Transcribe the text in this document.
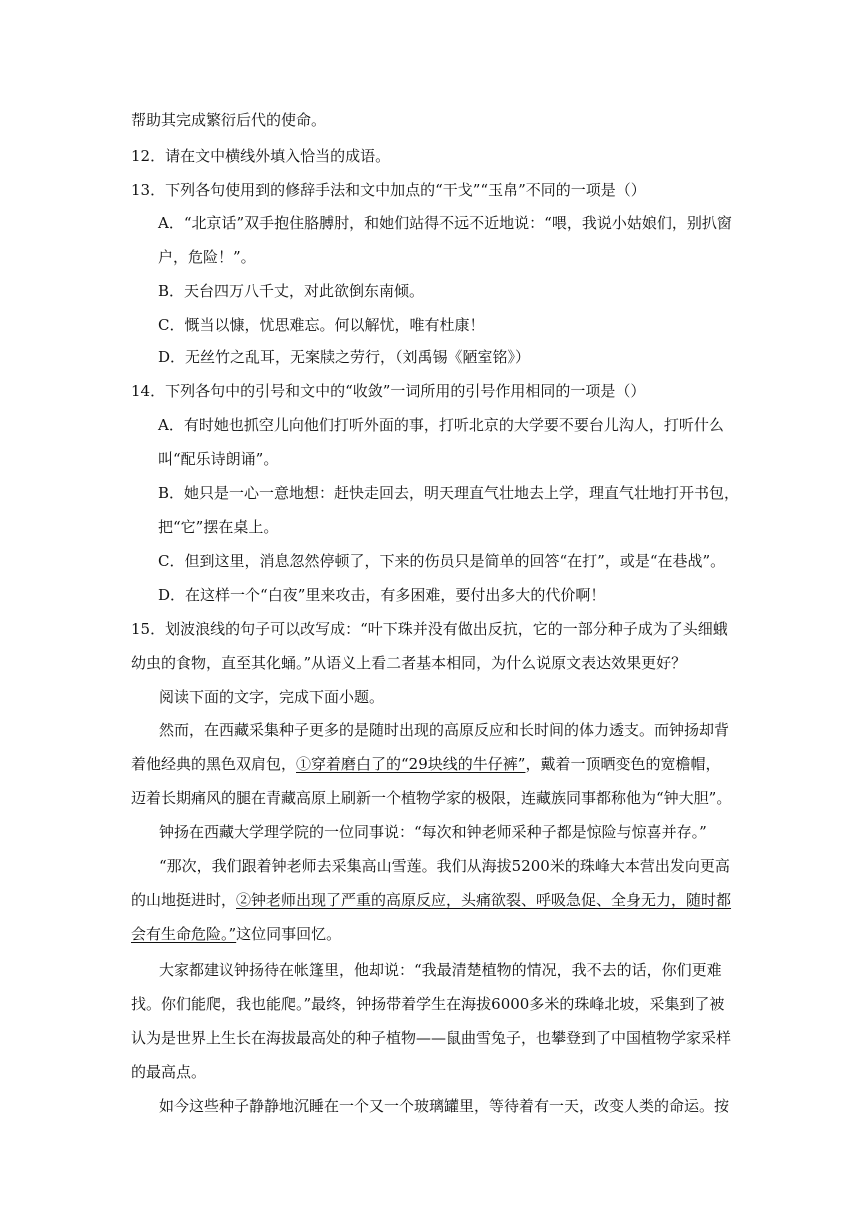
帮助其完成繁衍后代的使命。
12．请在文中横线外填入恰当的成语。
13．下列各句使用到的修辞手法和文中加点的“干戈”“玉帛”不同的一项是（）
A．“北京话”双手抱住胳膊肘，和她们站得不远不近地说：“喂，我说小姑娘们，别扒窗
户，危险！”。
B．天台四万八千丈，对此欲倒东南倾。
C．慨当以慷，忧思难忘。何以解忧，唯有杜康！
D．无丝竹之乱耳，无案牍之劳行，（刘禹锡《陋室铭》）
14．下列各句中的引号和文中的“收敛”一词所用的引号作用相同的一项是（）
A．有时她也抓空儿向他们打听外面的事，打听北京的大学要不要台儿沟人，打听什么
叫“配乐诗朗诵”。
B．她只是一心一意地想：赶快走回去，明天理直气壮地去上学，理直气壮地打开书包，
把“它”摆在桌上。
C．但到这里，消息忽然停顿了，下来的伤员只是简单的回答“在打”，或是“在巷战”。
D．在这样一个“白夜”里来攻击，有多困难，要付出多大的代价啊！
15．划波浪线的句子可以改写成：“叶下珠并没有做出反抗，它的一部分种子成为了头细蛾
幼虫的食物，直至其化蛹。”从语义上看二者基本相同，为什么说原文表达效果更好？
阅读下面的文字，完成下面小题。
然而，在西藏采集种子更多的是随时出现的高原反应和长时间的体力透支。而钟扬却背
着他经典的黑色双肩包，①穿着磨白了的“29块线的牛仔裤”，戴着一顶晒变色的宽檐帽，
迈着长期痛风的腿在青藏高原上刷新一个植物学家的极限，连藏族同事都称他为“钟大胆”。
钟扬在西藏大学理学院的一位同事说：“每次和钟老师采种子都是惊险与惊喜并存。”
“那次，我们跟着钟老师去采集高山雪莲。我们从海拔5200米的珠峰大本营出发向更高
的山地挺进时，②钟老师出现了严重的高原反应，头痛欲裂、呼吸急促、全身无力，随时都
会有生命危险。”这位同事回忆。
大家都建议钟扬待在帐篷里，他却说：“我最清楚植物的情况，我不去的话，你们更难
找。你们能爬，我也能爬。”最终，钟扬带着学生在海拔6000多米的珠峰北坡，采集到了被
认为是世界上生长在海拔最高处的种子植物——鼠曲雪兔子，也攀登到了中国植物学家采样
的最高点。
如今这些种子静静地沉睡在一个又一个玻璃罐里，等待着有一天，改变人类的命运。按
